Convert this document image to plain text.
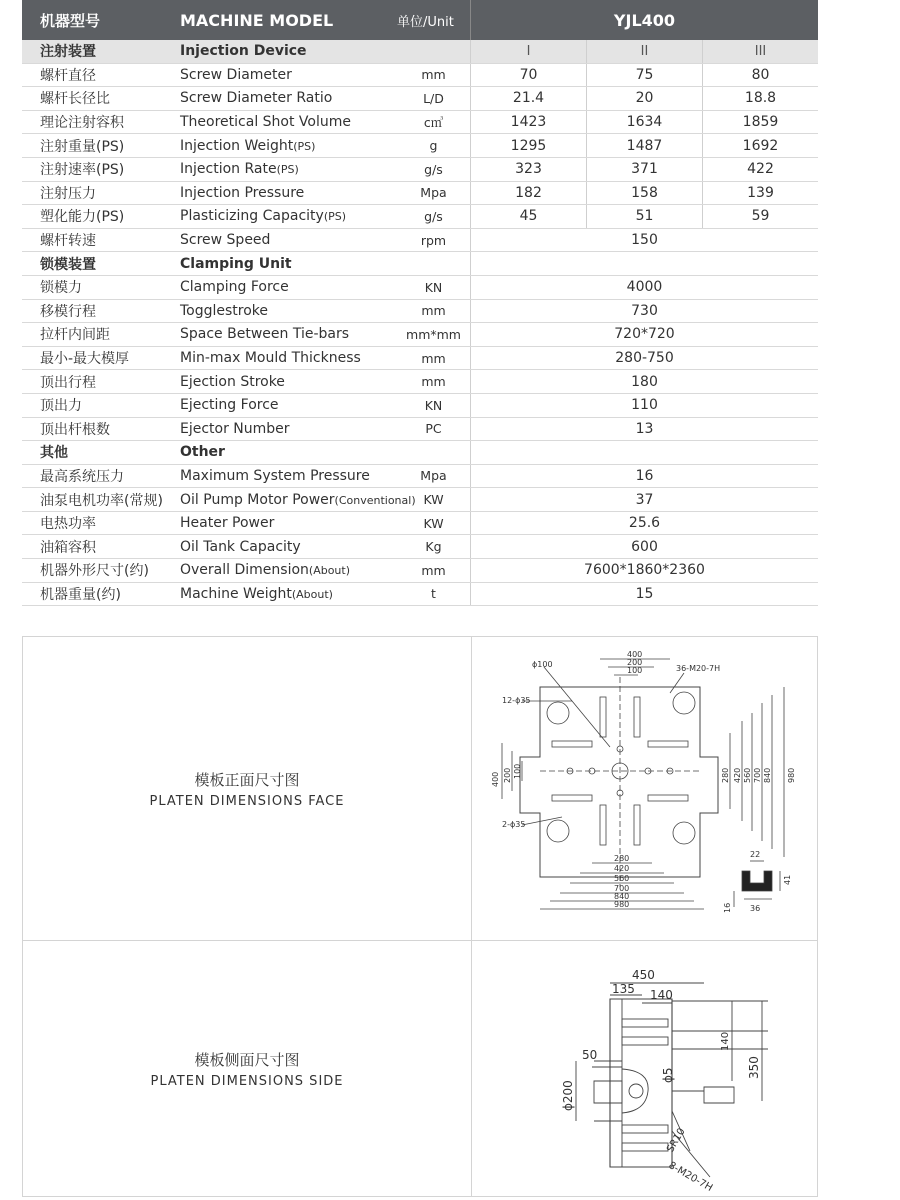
机器型号	MACHINE MODEL	单位/Unit	YJL400
注射装置	Injection Device	I	II	III
螺杆直径	Screw Diameter	mm	70	75	80
螺杆长径比	Screw Diameter Ratio	L/D	21.4	20	18.8
理论注射容积	Theoretical Shot Volume	c㎥	1423	1634	1859
注射重量(PS)	Injection Weight(PS)	g	1295	1487	1692
注射速率(PS)	Injection Rate(PS)	g/s	323	371	422
注射压力	Injection Pressure	Mpa	182	158	139
塑化能力(PS)	Plasticizing Capacity(PS)	g/s	45	51	59
螺杆转速	Screw Speed	rpm	150
锁模装置	Clamping Unit
锁模力	Clamping Force	KN	4000
移模行程	Togglestroke	mm	730
拉杆内间距	Space Between Tie-bars	mm*mm	720*720
最小-最大模厚	Min-max Mould Thickness	mm	280-750
顶出行程	Ejection Stroke	mm	180
顶出力	Ejecting Force	KN	110
顶出杆根数	Ejector Number	PC	13
其他	Other
最高系统压力	Maximum System Pressure	Mpa	16
油泵电机功率(常规)	Oil Pump Motor Power(Conventional) KW	37
电热功率	Heater Power	KW	25.6
油箱容积	Oil Tank Capacity	Kg	600
机器外形尺寸(约)	Overall Dimension(About)	mm	7600*1860*2360
机器重量(约)	Machine Weight(About)	t	15
模板正面尺寸图
PLATEN DIMENSIONS FACE
模板侧面尺寸图
PLATEN DIMENSIONS SIDE
ϕ100
400
200
100	36-M20-7H
12-ϕ35
2-ϕ35
400 200 100	280 420 560 700 840 980
280
420
560
700
840
980
22
41
16 36
450
135 140
50
ϕ200
ϕ5
140
350
SR10
8-M20-7H
